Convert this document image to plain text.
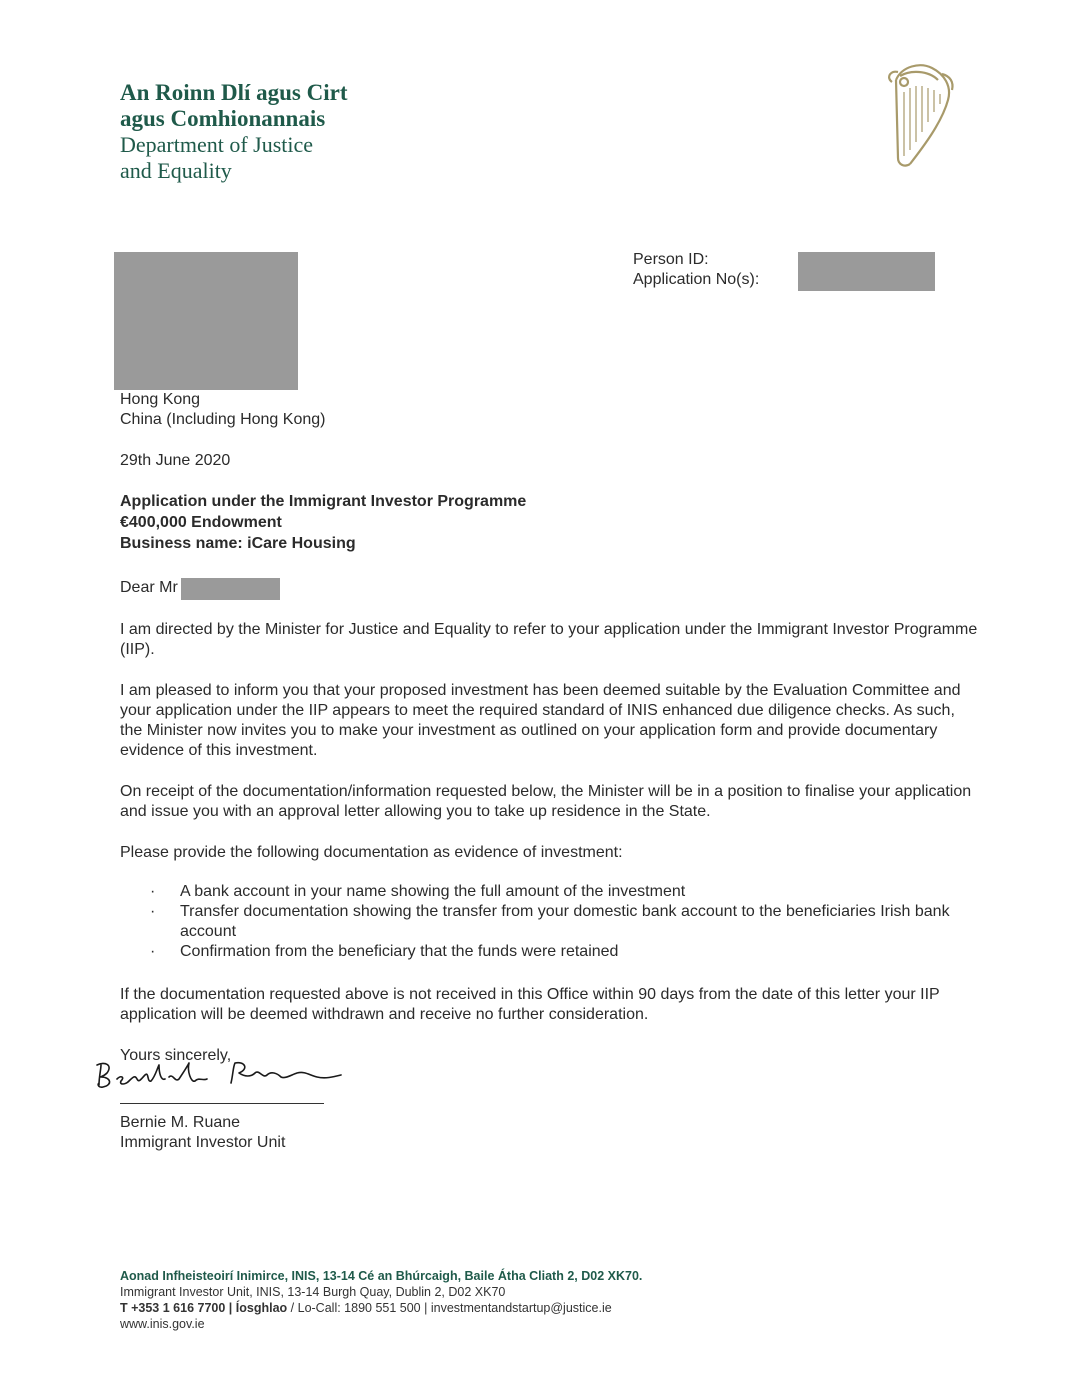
An Roinn Dlí agus Cirt
agus Comhionannais
Department of Justice
and Equality
Person ID:
Application No(s):
Hong Kong
China (Including Hong Kong)
29th June 2020
Application under the Immigrant Investor Programme
€400,000 Endowment
Business name: iCare Housing
Dear Mr
I am directed by the Minister for Justice and Equality to refer to your application under the Immigrant Investor Programme (IIP).
I am pleased to inform you that your proposed investment has been deemed suitable by the Evaluation Committee and your application under the IIP appears to meet the required standard of INIS enhanced due diligence checks. As such, the Minister now invites you to make your investment as outlined on your application form and provide documentary evidence of this investment.
On receipt of the documentation/information requested below, the Minister will be in a position to finalise your application and issue you with an approval letter allowing you to take up residence in the State.
Please provide the following documentation as evidence of investment:
· A bank account in your name showing the full amount of the investment
· Transfer documentation showing the transfer from your domestic bank account to the beneficiaries Irish bank account
· Confirmation from the beneficiary that the funds were retained
If the documentation requested above is not received in this Office within 90 days from the date of this letter your IIP application will be deemed withdrawn and receive no further consideration.
Yours sincerely,
Bernie M. Ruane
Immigrant Investor Unit
Aonad Infheisteoirí Inimirce, INIS, 13-14 Cé an Bhúrcaigh, Baile Átha Cliath 2, D02 XK70.
Immigrant Investor Unit, INIS, 13-14 Burgh Quay, Dublin 2, D02 XK70
T +353 1 616 7700 | Íosghlao / Lo-Call: 1890 551 500 | investmentandstartup@justice.ie
www.inis.gov.ie
